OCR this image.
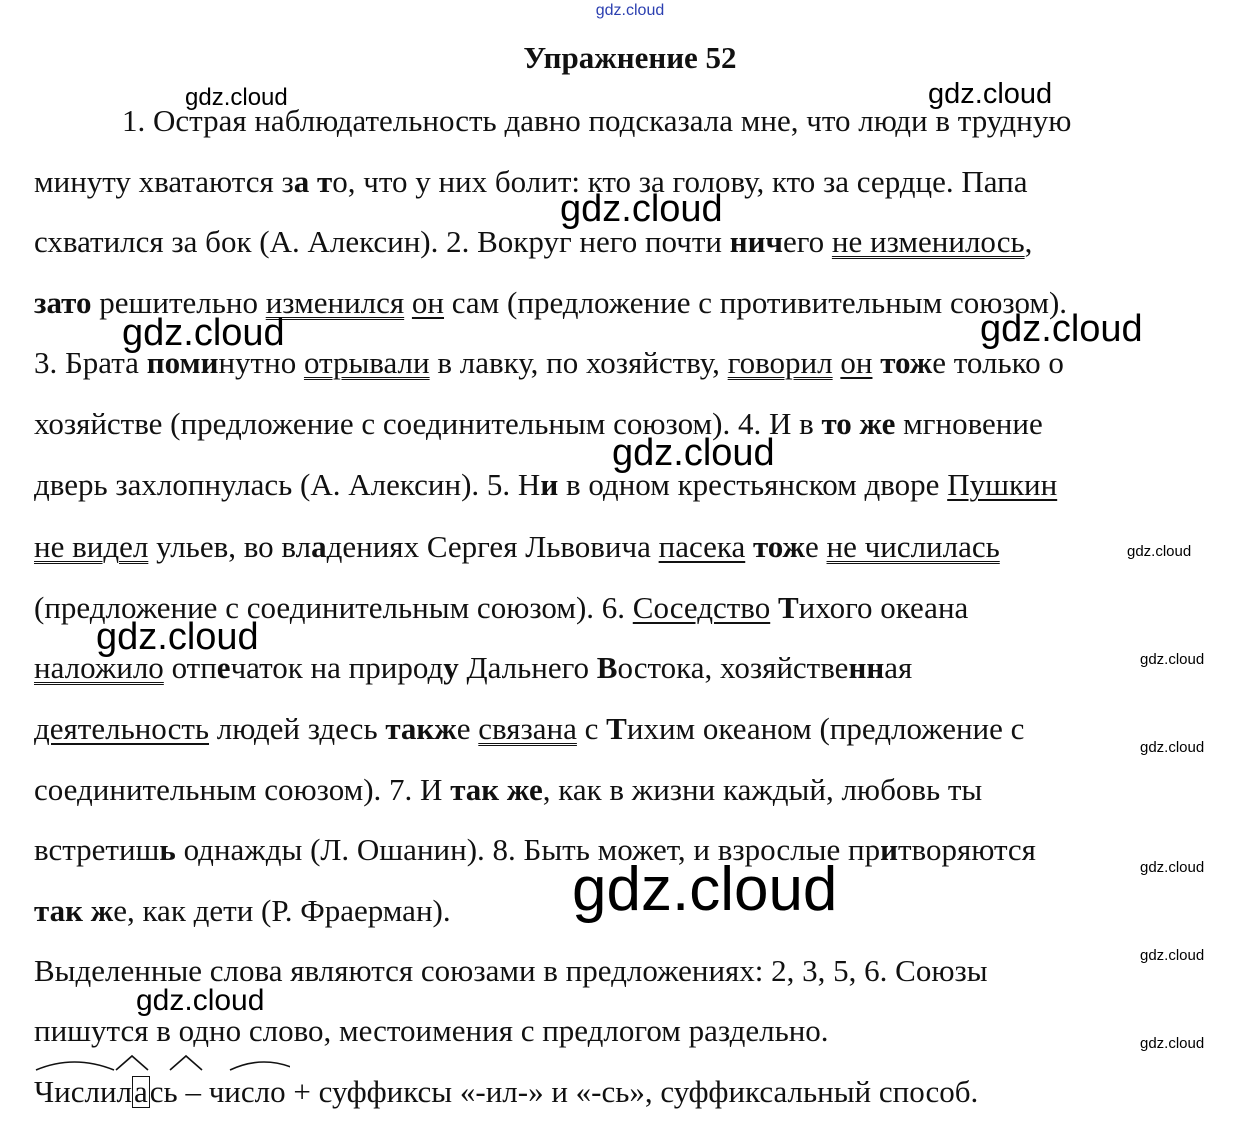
gdz.cloud
Упражнение 52
1. Острая наблюдательность давно подсказала мне, что люди в трудную
минуту хватаются за то, что у них болит: кто за голову, кто за сердце. Папа
схватился за бок (А. Алексин). 2. Вокруг него почти ничего не изменилось,
зато решительно изменился он сам (предложение с противительным союзом).
3. Брата поминутно отрывали в лавку, по хозяйству, говорил он тоже только о
хозяйстве (предложение с соединительным союзом). 4. И в то же мгновение
дверь захлопнулась (А. Алексин). 5. Ни в одном крестьянском дворе Пушкин
не видел ульев, во владениях Сергея Львовича пасека тоже не числилась
(предложение с соединительным союзом). 6. Соседство Тихого океана
наложило отпечаток на природу Дальнего Востока, хозяйственная
деятельность людей здесь также связана с Тихим океаном (предложение с
соединительным союзом). 7. И так же, как в жизни каждый, любовь ты
встретишь однажды (Л. Ошанин). 8. Быть может, и взрослые притворяются
так же, как дети (Р. Фраерман).
Выделенные слова являются союзами в предложениях: 2, 3, 5, 6. Союзы
пишутся в одно слово, местоимения с предлогом раздельно.
Числилась – число + суффиксы «-ил-» и «-сь», суффиксальный способ.
gdz.cloud	gdz.cloud
gdz.cloud
gdz.cloud	gdz.cloud
gdz.cloud
gdz.cloud
gdz.cloud
gdz.cloud
gdz.cloud
gdz.cloud
gdz.cloud
gdz.cloud
gdz.cloud
gdz.cloud
